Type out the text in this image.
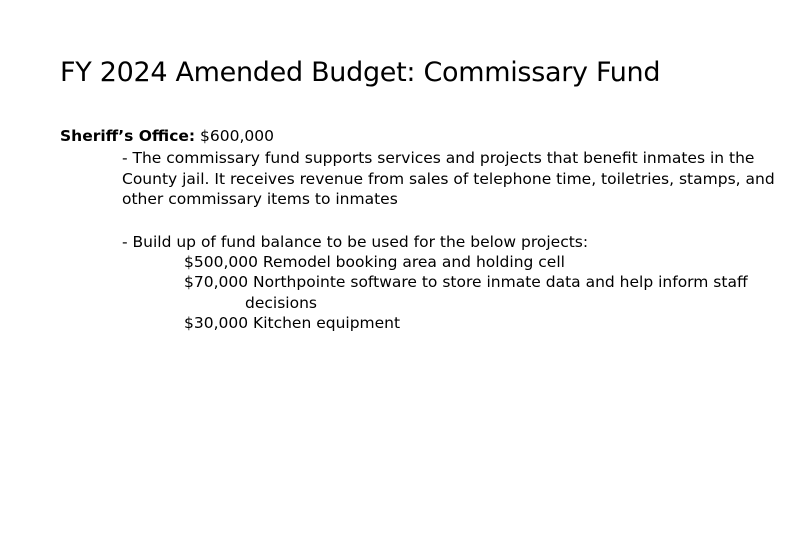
FY 2024 Amended Budget: Commissary Fund
Sheriff’s Office: $600,000
- The commissary fund supports services and projects that benefit inmates in the County jail. It receives revenue from sales of telephone time, toiletries, stamps, and other commissary items to inmates
- Build up of fund balance to be used for the below projects:
$500,000 Remodel booking area and holding cell
$70,000 Northpointe software to store inmate data and help inform staff
decisions
$30,000 Kitchen equipment
